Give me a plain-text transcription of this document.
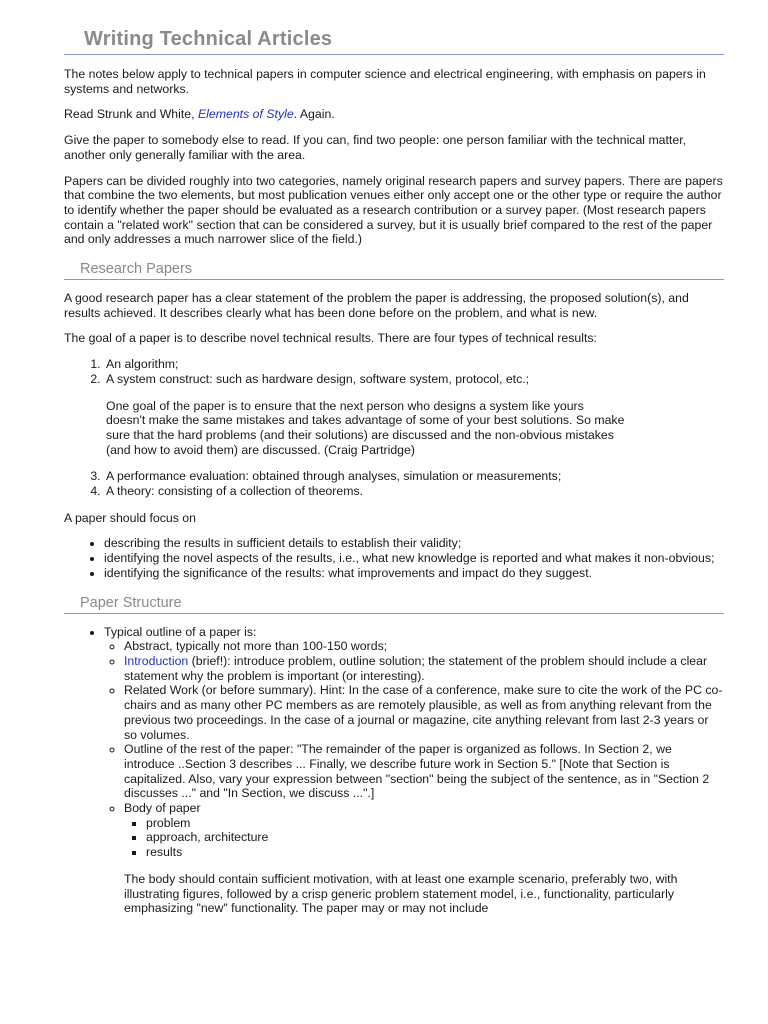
Writing Technical Articles

The notes below apply to technical papers in computer science and electrical engineering, with emphasis on papers in systems and networks.

Read Strunk and White, Elements of Style. Again.

Give the paper to somebody else to read. If you can, find two people: one person familiar with the technical matter, another only generally familiar with the area.

Papers can be divided roughly into two categories, namely original research papers and survey papers. There are papers that combine the two elements, but most publication venues either only accept one or the other type or require the author to identify whether the paper should be evaluated as a research contribution or a survey paper. (Most research papers contain a "related work" section that can be considered a survey, but it is usually brief compared to the rest of the paper and only addresses a much narrower slice of the field.)

Research Papers

A good research paper has a clear statement of the problem the paper is addressing, the proposed solution(s), and results achieved. It describes clearly what has been done before on the problem, and what is new.

The goal of a paper is to describe novel technical results. There are four types of technical results:

1. An algorithm;
2. A system construct: such as hardware design, software system, protocol, etc.;
One goal of the paper is to ensure that the next person who designs a system like yours doesn't make the same mistakes and takes advantage of some of your best solutions. So make sure that the hard problems (and their solutions) are discussed and the non-obvious mistakes (and how to avoid them) are discussed. (Craig Partridge)
3. A performance evaluation: obtained through analyses, simulation or measurements;
4. A theory: consisting of a collection of theorems.

A paper should focus on

• describing the results in sufficient details to establish their validity;
• identifying the novel aspects of the results, i.e., what new knowledge is reported and what makes it non-obvious;
• identifying the significance of the results: what improvements and impact do they suggest.
Paper Structure
• Typical outline of a paper is:
◦ Abstract, typically not more than 100-150 words;
◦ Introduction (brief!): introduce problem, outline solution; the statement of the problem should include a clear statement why the problem is important (or interesting).
◦ Related Work (or before summary). Hint: In the case of a conference, make sure to cite the work of the PC co-chairs and as many other PC members as are remotely plausible, as well as from anything relevant from the previous two proceedings. In the case of a journal or magazine, cite anything relevant from last 2-3 years or so volumes.
◦ Outline of the rest of the paper: "The remainder of the paper is organized as follows. In Section 2, we introduce ..Section 3 describes ... Finally, we describe future work in Section 5." [Note that Section is capitalized. Also, vary your expression between "section" being the subject of the sentence, as in "Section 2 discusses ..." and "In Section, we discuss ...".]
◦ Body of paper
▪ problem
▪ approach, architecture
▪ results
The body should contain sufficient motivation, with at least one example scenario, preferably two, with illustrating figures, followed by a crisp generic problem statement model, i.e., functionality, particularly emphasizing "new" functionality. The paper may or may not include
